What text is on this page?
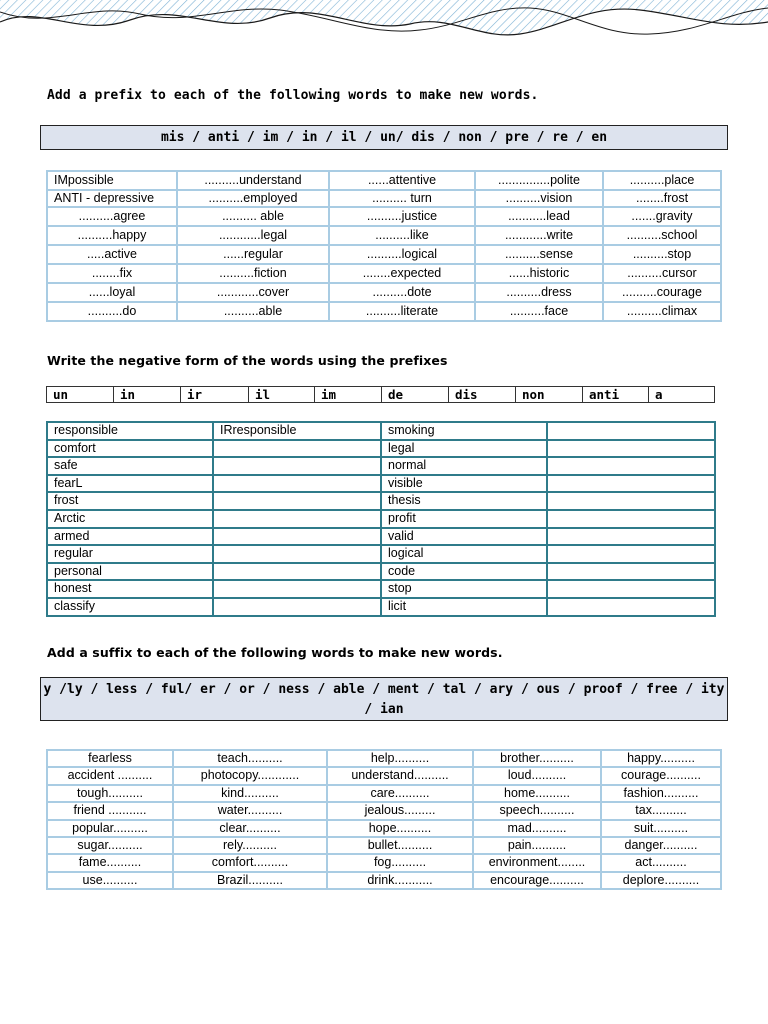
Add a prefix to each of the following words to make new words.
mis / anti / im / in / il / un/ dis / non / pre / re / en
IMpossible	..........understand	......attentive	...............polite	..........place
ANTI - depressive	..........employed	.......... turn	..........vision	........frost
..........agree	.......... able	..........justice	...........lead	.......gravity
..........happy	............legal	..........like	............write	..........school
.....active	......regular	..........logical	..........sense	..........stop
........fix	..........fiction	........expected	......historic	..........cursor
......loyal	............cover	..........dote	..........dress	..........courage
..........do	..........able	..........literate	..........face	..........climax
Write the negative form of the words using the prefixes
un	in	ir	il	im	de	dis	non	anti	a
responsible	IRresponsible	smoking	
comfort		legal	
safe		normal	
fearL		visible	
frost		thesis	
Arctic		profit	
armed		valid	
regular		logical	
personal		code	
honest		stop	
classify		licit	
Add a suffix to each of the following words to make new words.
y /ly / less / ful/ er / or / ness / able / ment / tal / ary / ous / proof / free / ity / ian
fearless	teach..........	help..........	brother..........	happy..........
accident ..........	photocopy............	understand..........	loud..........	courage..........
tough..........	kind..........	care..........	home..........	fashion..........
friend ...........	water..........	jealous.........	speech..........	tax..........
popular..........	clear..........	hope..........	mad..........	suit..........
sugar..........	rely..........	bullet..........	pain..........	danger..........
fame..........	comfort..........	fog..........	environment........	act..........
use..........	Brazil..........	drink...........	encourage..........	deplore..........
